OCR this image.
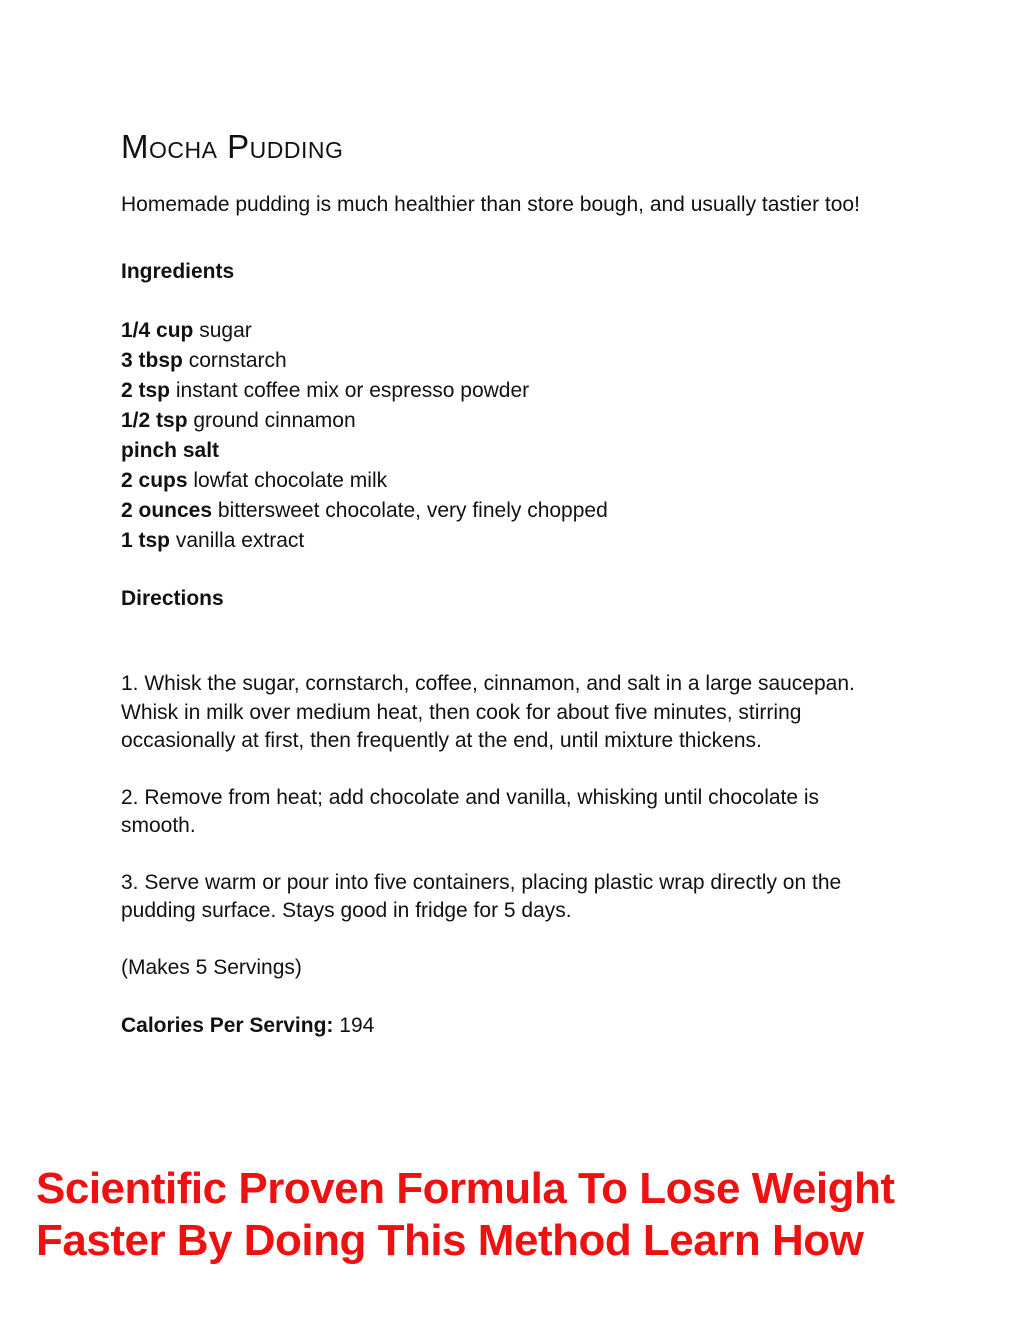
Mocha Pudding

Homemade pudding is much healthier than store bough, and usually tastier too!

Ingredients
1/4 cup sugar
3 tbsp cornstarch
2 tsp instant coffee mix or espresso powder
1/2 tsp ground cinnamon
pinch salt
2 cups lowfat chocolate milk
2 ounces bittersweet chocolate, very finely chopped
1 tsp vanilla extract
Directions

1. Whisk the sugar, cornstarch, coffee, cinnamon, and salt in a large saucepan. Whisk in milk over medium heat, then cook for about five minutes, stirring occasionally at first, then frequently at the end, until mixture thickens.

2. Remove from heat; add chocolate and vanilla, whisking until chocolate is smooth.

3. Serve warm or pour into five containers, placing plastic wrap directly on the pudding surface. Stays good in fridge for 5 days.

(Makes 5 Servings)

Calories Per Serving: 194

Scientific Proven Formula To Lose Weight Faster By Doing This Method Learn How
